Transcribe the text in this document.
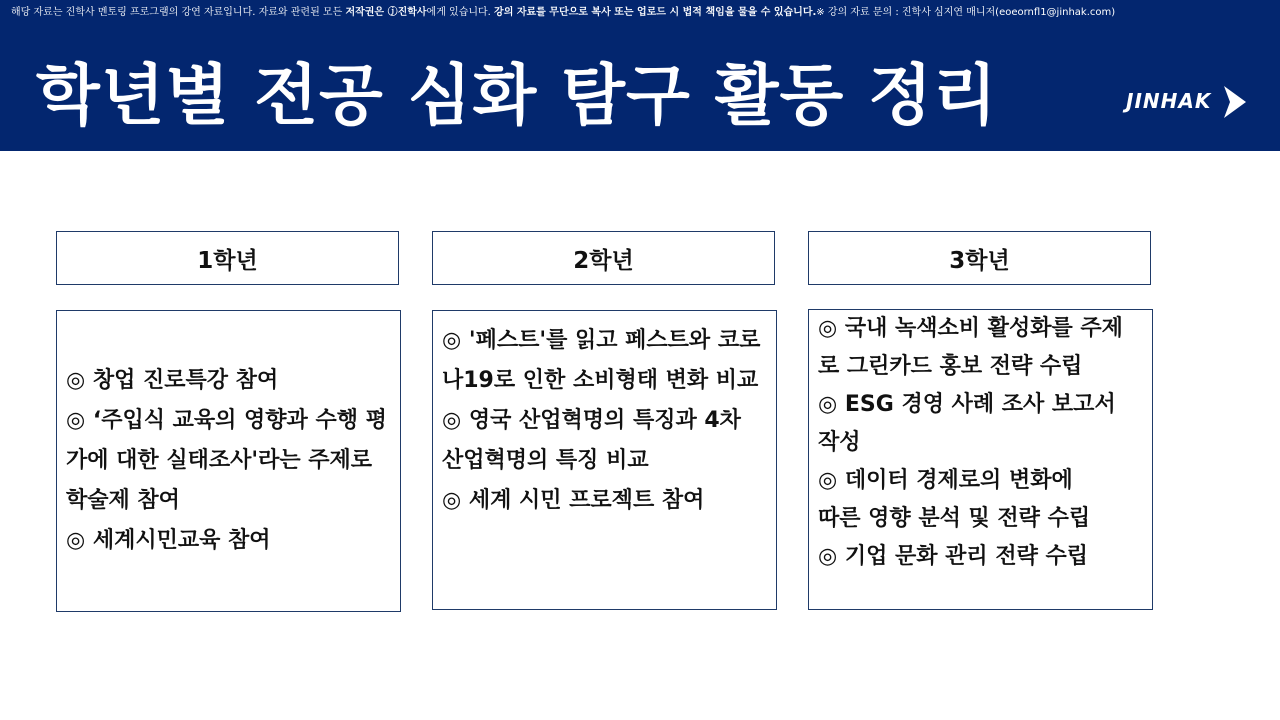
해당 자료는 진학사 멘토링 프로그램의 강연 자료입니다. 자료와 관련된 모든 저작권은 ⓙ진학사에게 있습니다. 강의 자료를 무단으로 복사 또는 업로드 시 법적 책임을 물을 수 있습니다.※ 강의 자료 문의 : 진학사 심지연 매니저(eoeornfl1@jinhak.com)
학년별 전공 심화 탐구 활동 정리	JINHAK
1학년

◎ 창업 진로특강 참여

◎ ‘주입식 교육의 영향과 수행 평가에 대한 실태조사'라는 주제로 학술제 참여

◎ 세계시민교육 참여

2학년

◎ '페스트'를 읽고 페스트와 코로나19로 인한 소비형태 변화 비교

◎ 영국 산업혁명의 특징과 4차 산업혁명의 특징 비교

◎ 세계 시민 프로젝트 참여

3학년

◎ 국내 녹색소비 활성화를 주제로 그린카드 홍보 전략 수립

◎ ESG 경영 사례 조사 보고서 작성

◎ 데이터 경제로의 변화에

따른 영향 분석 및 전략 수립

◎ 기업 문화 관리 전략 수립
